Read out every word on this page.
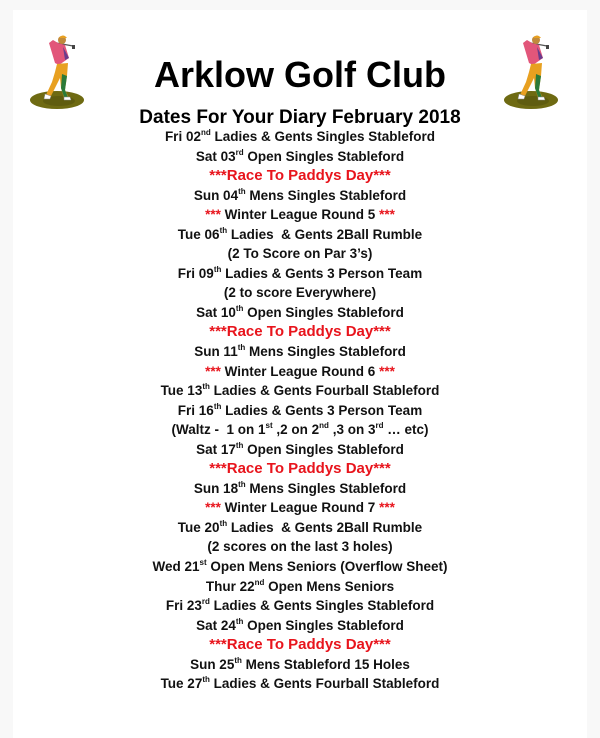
Arklow Golf Club
Dates For Your Diary February 2018
Fri 02nd Ladies & Gents Singles Stableford
Sat 03rd Open Singles Stableford
***Race To Paddys Day***
Sun 04th Mens Singles Stableford
*** Winter League Round 5 ***
Tue 06th Ladies  & Gents 2Ball Rumble
(2 To Score on Par 3’s)
Fri 09th Ladies & Gents 3 Person Team
(2 to score Everywhere)
Sat 10th Open Singles Stableford
***Race To Paddys Day***
Sun 11th Mens Singles Stableford
*** Winter League Round 6 ***
Tue 13th Ladies & Gents Fourball Stableford
Fri 16th Ladies & Gents 3 Person Team
(Waltz -  1 on 1st ,2 on 2nd ,3 on 3rd … etc)
Sat 17th Open Singles Stableford
***Race To Paddys Day***
Sun 18th Mens Singles Stableford
*** Winter League Round 7 ***
Tue 20th Ladies  & Gents 2Ball Rumble
(2 scores on the last 3 holes)
Wed 21st Open Mens Seniors (Overflow Sheet)
Thur 22nd Open Mens Seniors
Fri 23rd Ladies & Gents Singles Stableford
Sat 24th Open Singles Stableford
***Race To Paddys Day***
Sun 25th Mens Stableford 15 Holes
Tue 27th Ladies & Gents Fourball Stableford
